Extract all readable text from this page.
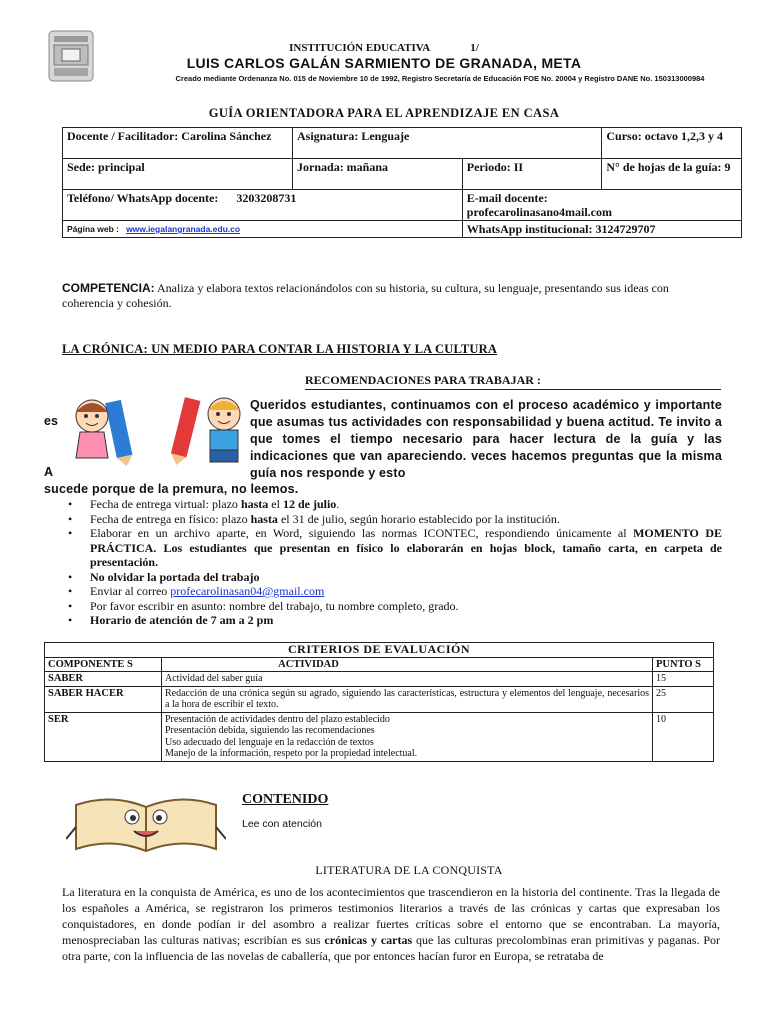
INSTITUCIÓN EDUCATIVA	1/
LUIS CARLOS GALÁN SARMIENTO DE GRANADA, META
Creado mediante Ordenanza No. 015 de Noviembre 10 de 1992, Registro Secretaría de Educación FOE No. 20004 y Registro DANE No. 150313000984
GUÍA ORIENTADORA PARA EL APRENDIZAJE EN CASA
Docente / Facilitador: Carolina Sánchez	Asignatura: Lenguaje		Curso: octavo 1,2,3 y 4
Sede: principal	Jornada: mañana	Periodo: II	N° de hojas de la guía: 9
Teléfono/ WhatsApp docente: 3203208731		E-mail docente:
profecarolinasano4mail.com	

Página web : www.iegalangranada.edu.co		WhatsApp institucional: 3124729707	
COMPETENCIA: Analiza y elabora textos relacionándolos con su historia, su cultura, su lenguaje, presentando sus ideas con coherencia y cohesión.
LA CRÓNICA: UN MEDIO PARA CONTAR LA HISTORIA Y LA CULTURA
RECOMENDACIONES PARA TRABAJAR :
Queridos estudiantes, continuamos con el proceso académico y importante que asumas tus actividades con responsabilidad y buena actitud. Te invito a que tomes el tiempo necesario para hacer lectura de la guía y las indicaciones que van apareciendo. veces hacemos preguntas que la misma guía nos responde y esto
es
A
sucede porque de la premura, no leemos.
• Fecha de entrega virtual: plazo hasta el 12 de julio.
• Fecha de entrega en físico: plazo hasta el 31 de julio, según horario establecido por la institución.
• Elaborar en un archivo aparte, en Word, siguiendo las normas ICONTEC, respondiendo únicamente al MOMENTO DE PRÁCTICA. Los estudiantes que presentan en físico lo elaborarán en hojas block, tamaño carta, en carpeta de presentación.
• No olvidar la portada del trabajo
• Enviar al correo profecarolinasan04@gmail.com
• Por favor escribir en asunto: nombre del trabajo, tu nombre completo, grado.
• Horario de atención de 7 am a 2 pm
CRITERIOS DE EVALUACIÓN		
COMPONENTE S	ACTIVIDAD	PUNTO S
SABER	Actividad del saber guía	15
SABER HACER	Redacción de una crónica según su agrado, siguiendo las características, estructura y elementos del lenguaje, necesarios a la hora de escribir el texto.	25
SER	Presentación de actividades dentro del plazo establecido
Presentación debida, siguiendo las recomendaciones
Uso adecuado del lenguaje en la redacción de textos
Manejo de la información, respeto por la propiedad intelectual.	10
CONTENIDO
Lee con atención
LITERATURA DE LA CONQUISTA
La literatura en la conquista de América, es uno de los acontecimientos que trascendieron en la historia del continente. Tras la llegada de los españoles a América, se registraron los primeros testimonios literarios a través de las crónicas y cartas que expresaban los conquistadores, en donde podían ir del asombro a realizar fuertes críticas sobre el entorno que se encontraban. La mayoría, menospreciaban las culturas nativas; escribían es sus crónicas y cartas que las culturas precolombinas eran primitivas y paganas. Por otra parte, con la influencia de las novelas de caballería, que por entonces hacían furor en Europa, se retrataba de
